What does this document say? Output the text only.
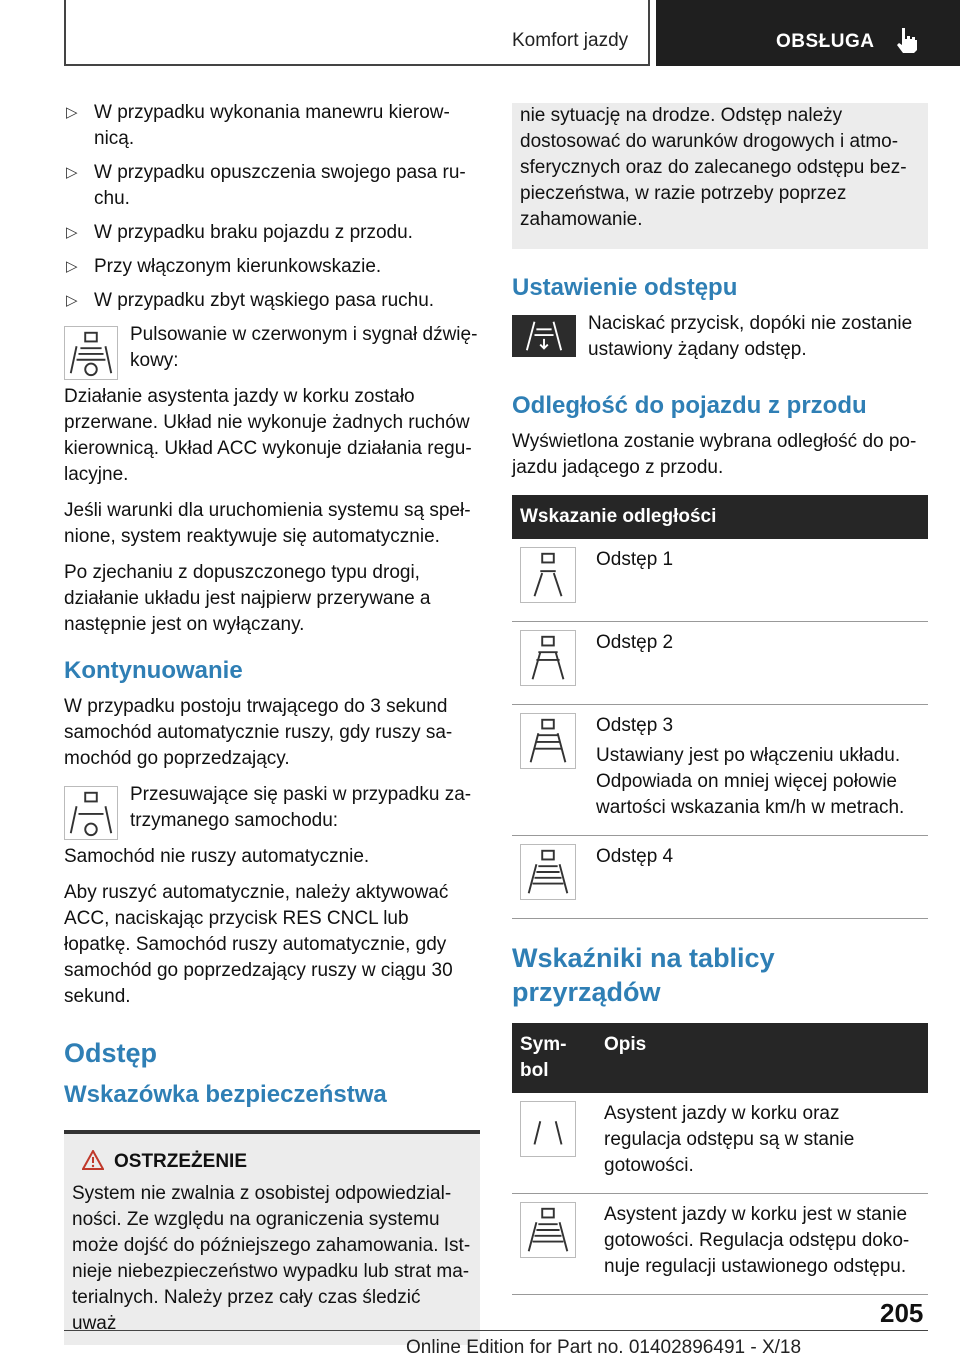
Komfort jazdy	OBSŁUGA
▷ W przypadku wykonania manewru kierownicą.
▷ W przypadku opuszczenia swojego pasa ruchu.
▷ W przypadku braku pojazdu z przodu.
▷ Przy włączonym kierunkowskazie.
▷ W przypadku zbyt wąskiego pasa ruchu.

Pulsowanie w czerwonym i sygnał dźwiękowy:

Działanie asystenta jazdy w korku zostało przerwane. Układ nie wykonuje żadnych ruchów kierownicą. Układ ACC wykonuje działania regulacyjne.

Jeśli warunki dla uruchomienia systemu są spełnione, system reaktywuje się automatycznie.

Po zjechaniu z dopuszczonego typu drogi, działanie układu jest najpierw przerywane a następnie jest on wyłączany.

Kontynuowanie

W przypadku postoju trwającego do 3 sekund samochód automatycznie ruszy, gdy ruszy samochód go poprzedzający.

Przesuwające się paski w przypadku zatrzymanego samochodu:

Samochód nie ruszy automatycznie.

Aby ruszyć automatycznie, należy aktywować ACC, naciskając przycisk RES CNCL lub łopatkę. Samochód ruszy automatycznie, gdy samochód go poprzedzający ruszy w ciągu 30 sekund.

Odstęp
Wskazówka bezpieczeństwa
OSTRZEŻENIE

System nie zwalnia z osobistej odpowiedzialności. Ze względu na ograniczenia systemu może dojść do późniejszego zahamowania. Istnieje niebezpieczeństwo wypadku lub strat materialnych. Należy przez cały czas śledzić uważ

nie sytuację na drodze. Odstęp należy dostosować do warunków drogowych i atmosferycznych oraz do zalecanego odstępu bezpieczeństwa, w razie potrzeby poprzez zahamowanie.

Ustawienie odstępu

Naciskać przycisk, dopóki nie zostanie ustawiony żądany odstęp.

Odległość do pojazdu z przodu

Wyświetlona zostanie wybrana odległość do pojazdu jadącego z przodu.

Wskazanie odległości	

Odstęp 1

Odstęp 2

Odstęp 3

Ustawiany jest po włączeniu układu. Odpowiada on mniej więcej połowie wartości wskazania km/h w metrach.

Odstęp 4

Wskaźniki na tablicy przyrządów
Symbol	Opis

Asystent jazdy w korku oraz regulacja odstępu są w stanie gotowości.

Asystent jazdy w korku jest w stanie gotowości. Regulacja odstępu dokonuje regulacji ustawionego odstępu.

205
Online Edition for Part no. 01402896491 - X/18
